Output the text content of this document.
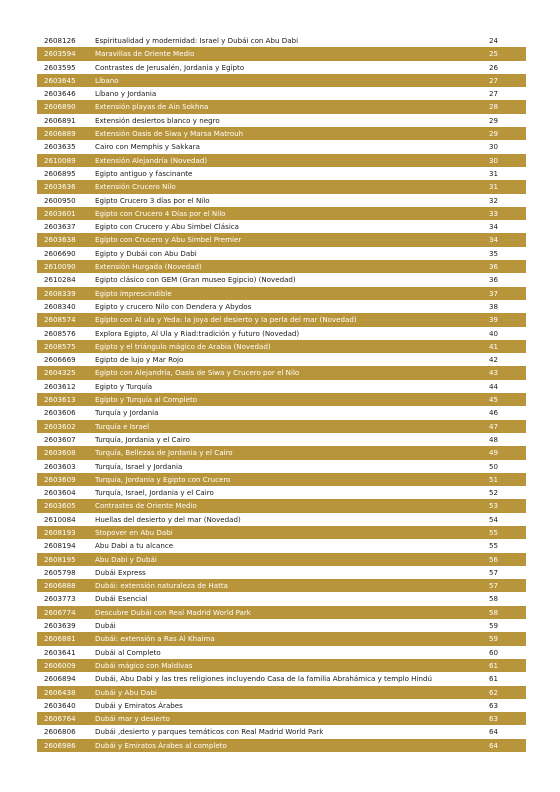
2608126	Espiritualidad y modernidad: Israel y Dubái con Abu Dabi	24
2603594	Maravillas de Oriente Medio	25
2603595	Contrastes de Jerusalén, Jordania y Egipto	26
2603645	Líbano	27
2603646	Líbano y Jordania	27
2606890	Extensión playas de Ain Sokhna	28
2606891	Extensión desiertos blanco y negro	29
2606889	Extensión Oasis de Siwa y Marsa Matrouh	29
2603635	Cairo con Memphis y Sakkara	30
2610089	Extensión Alejandría (Novedad)	30
2606895	Egipto antiguo y fascinante	31
2603636	Extensión Crucero Nilo	31
2600950	Egipto Crucero 3 días por el Nilo	32
2603601	Egipto con Crucero 4 Días por el Nilo	33
2603637	Egipto con Crucero y Abu Simbel Clásica	34
2603638	Egipto con Crucero y Abu Simbel Premier	34
2606690	Egipto y Dubái con Abu Dabi	35
2610090	Extensión Hurgada (Novedad)	36
2610284	Egipto clásico con GEM (Gran museo Egipcio) (Novedad)	36
2608339	Egipto imprescindible	37
2608340	Egipto y crucero Nilo con Dendera y Abydos	38
2608574	Egipto con Al ula y Yeda: la joya del desierto y la perla del mar (Novedad)	39
2608576	Explora Egipto, Al Ula y Riad:tradición y futuro (Novedad)	40
2608575	Egipto y el triángulo mágico de Arabia (Novedad)	41
2606669	Egipto de lujo y Mar Rojo	42
2604325	Egipto con Alejandría, Oasis de Siwa y Crucero por el Nilo	43
2603612	Egipto y Turquía	44
2603613	Egipto y Turquía al Completo	45
2603606	Turquía y Jordania	46
2603602	Turquía e Israel	47
2603607	Turquía, Jordania y el Cairo	48
2603608	Turquía, Bellezas de Jordania y el Cairo	49
2603603	Turquía, Israel y Jordania	50
2603609	Turquía, Jordania y Egipto con Crucero	51
2603604	Turquía, Israel, Jordania y el Cairo	52
2603605	Contrastes de Oriente Medio	53
2610084	Huellas del desierto y del mar (Novedad)	54
2608193	Stopover en Abu Dabi	55
2608194	Abu Dabi a tu alcance	55
2608195	Abu Dabi y Dubái	56
2605798	Dubái Express	57
2606888	Dubái: extensión naturaleza de Hatta	57
2603773	Dubái Esencial	58
2606774	Descubre Dubái con Real Madrid World Park	58
2603639	Dubái	59
2606881	Dubái: extensión a Ras Al Khaima	59
2603641	Dubái al Completo	60
2606009	Dubái mágico con Maldivas	61
2606894	Dubái, Abu Dabi y las tres religiones incluyendo Casa de la familia Abrahámica y templo Hindú	61
2606438	Dubái y Abu Dabi	62
2603640	Dubái y Emiratos Árabes	63
2606764	Dubái mar y desierto	63
2606806	Dubái ,desierto y parques temáticos con Real Madrid World Park	64
2606986	Dubái y Emiratos Árabes al completo	64
